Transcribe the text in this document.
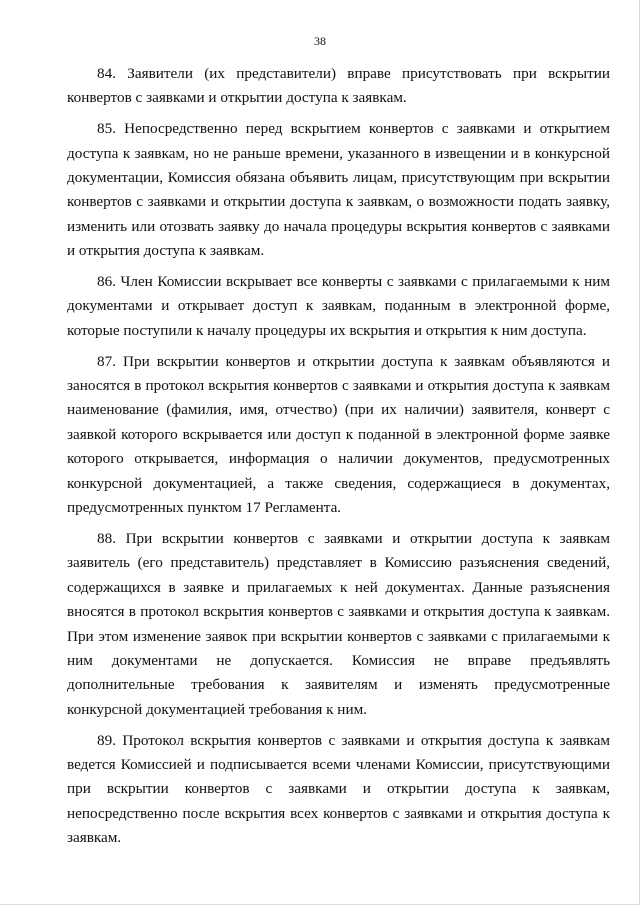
38

84. Заявители (их представители) вправе присутствовать при вскрытии конвертов с заявками и открытии доступа к заявкам.

85. Непосредственно перед вскрытием конвертов с заявками и открытием доступа к заявкам, но не раньше времени, указанного в извещении и в конкурсной документации, Комиссия обязана объявить лицам, присутствующим при вскрытии конвертов с заявками и открытии доступа к заявкам, о возможности подать заявку, изменить или отозвать заявку до начала процедуры вскрытия конвертов с заявками и открытия доступа к заявкам.

86. Член Комиссии вскрывает все конверты с заявками с прилагаемыми к ним документами и открывает доступ к заявкам, поданным в электронной форме, которые поступили к началу процедуры их вскрытия и открытия к ним доступа.

87. При вскрытии конвертов и открытии доступа к заявкам объявляются и заносятся в протокол вскрытия конвертов с заявками и открытия доступа к заявкам наименование (фамилия, имя, отчество) (при их наличии) заявителя, конверт с заявкой которого вскрывается или доступ к поданной в электронной форме заявке которого открывается, информация о наличии документов, предусмотренных конкурсной документацией, а также сведения, содержащиеся в документах, предусмотренных пунктом 17 Регламента.

88. При вскрытии конвертов с заявками и открытии доступа к заявкам заявитель (его представитель) представляет в Комиссию разъяснения сведений, содержащихся в заявке и прилагаемых к ней документах. Данные разъяснения вносятся в протокол вскрытия конвертов с заявками и открытия доступа к заявкам. При этом изменение заявок при вскрытии конвертов с заявками с прилагаемыми к ним документами не допускается. Комиссия не вправе предъявлять дополнительные требования к заявителям и изменять предусмотренные конкурсной документацией требования к ним.

89. Протокол вскрытия конвертов с заявками и открытия доступа к заявкам ведется Комиссией и подписывается всеми членами Комиссии, присутствующими при вскрытии конвертов с заявками и открытии доступа к заявкам, непосредственно после вскрытия всех конвертов с заявками и открытия доступа к заявкам.
